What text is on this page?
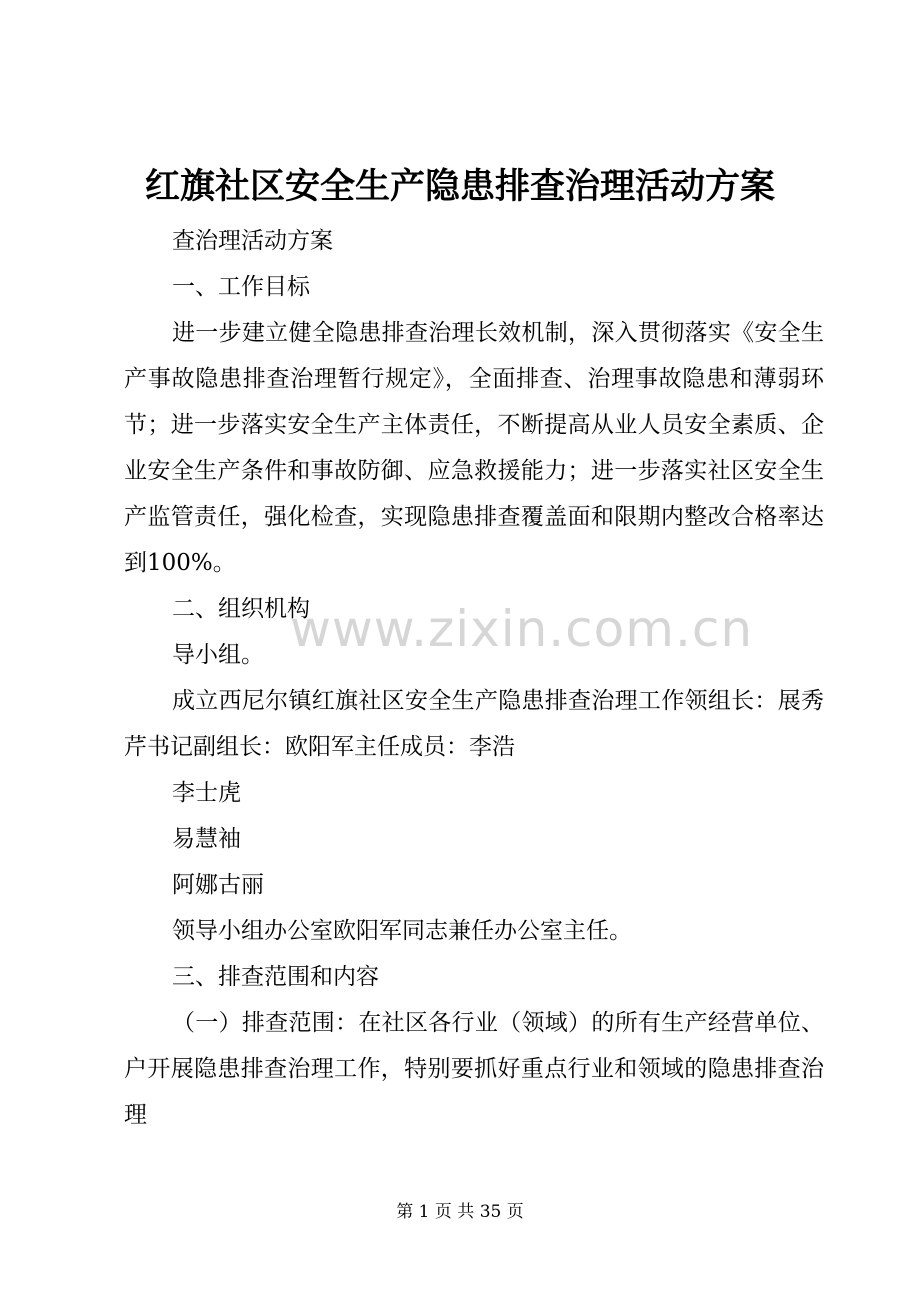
红旗社区安全生产隐患排查治理活动方案

查治理活动方案

一、工作目标

进一步建立健全隐患排查治理长效机制，深入贯彻落实《安全生产事故隐患排查治理暂行规定》，全面排查、治理事故隐患和薄弱环节；进一步落实安全生产主体责任，不断提高从业人员安全素质、企业安全生产条件和事故防御、应急救援能力；进一步落实社区安全生产监管责任，强化检查，实现隐患排查覆盖面和限期内整改合格率达到100%。

二、组织机构

导小组。

成立西尼尔镇红旗社区安全生产隐患排查治理工作领组长：展秀芹书记副组长：欧阳军主任成员：李浩

李士虎

易慧袖

阿娜古丽

领导小组办公室欧阳军同志兼任办公室主任。

三、排查范围和内容

（一）排查范围：在社区各行业（领域）的所有生产经营单位、户开展隐患排查治理工作，特别要抓好重点行业和领域的隐患排查治理

www.zixin.com.cn
第 1 页 共 35 页
